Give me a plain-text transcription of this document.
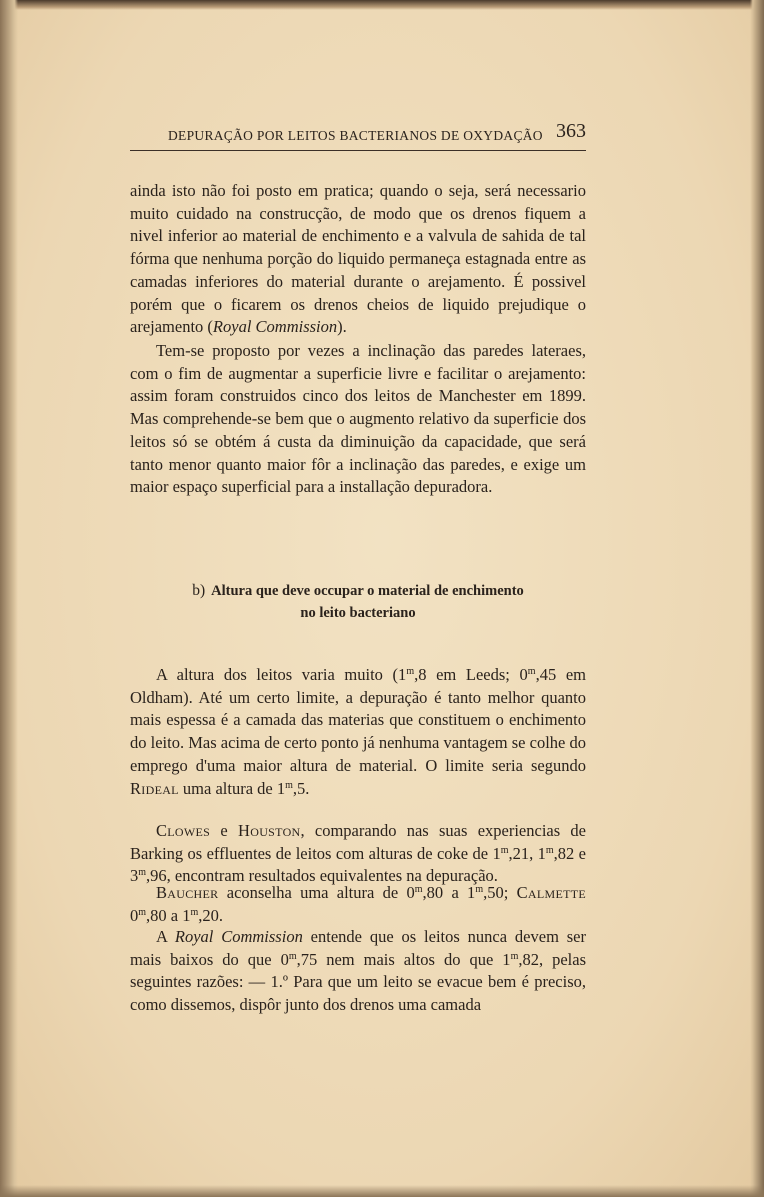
DEPURAÇÃO POR LEITOS BACTERIANOS DE OXYDAÇÃO 363
ainda isto não foi posto em pratica; quando o seja, será necessario muito cuidado na construcção, de modo que os drenos fiquem a nivel inferior ao material de enchimento e a valvula de sahida de tal fórma que nenhuma porção do liquido permaneça estagnada entre as camadas inferiores do material durante o arejamento. É possivel porém que o ficarem os drenos cheios de liquido prejudique o arejamento (Royal Commission).
Tem-se proposto por vezes a inclinação das paredes lateraes, com o fim de augmentar a superficie livre e facilitar o arejamento: assim foram construidos cinco dos leitos de Manchester em 1899. Mas comprehende-se bem que o augmento relativo da superficie dos leitos só se obtém á custa da diminuição da capacidade, que será tanto menor quanto maior fôr a inclinação das paredes, e exige um maior espaço superficial para a installação depuradora.
b) Altura que deve occupar o material de enchimento
no leito bacteriano
A altura dos leitos varia muito (1$^m$,8 em Leeds; 0$^m$,45 em Oldham). Até um certo limite, a depuração é tanto melhor quanto mais espessa é a camada das materias que constituem o enchimento do leito. Mas acima de certo ponto já nenhuma vantagem se colhe do emprego d'uma maior altura de material. O limite seria segundo Rideal uma altura de 1$^m$,5.
Clowes e Houston, comparando nas suas experiencias de Barking os effluentes de leitos com alturas de coke de 1$^m$,21, 1$^m$,82 e 3$^m$,96, encontram resultados equivalentes na depuração.
Baucher aconselha uma altura de 0$^m$,80 a 1$^m$,50; Calmette 0$^m$,80 a 1$^m$,20.
A Royal Commission entende que os leitos nunca devem ser mais baixos do que 0$^m$,75 nem mais altos do que 1$^m$,82, pelas seguintes razões: — 1.º Para que um leito se evacue bem é preciso, como dissemos, dispôr junto dos drenos uma camada
